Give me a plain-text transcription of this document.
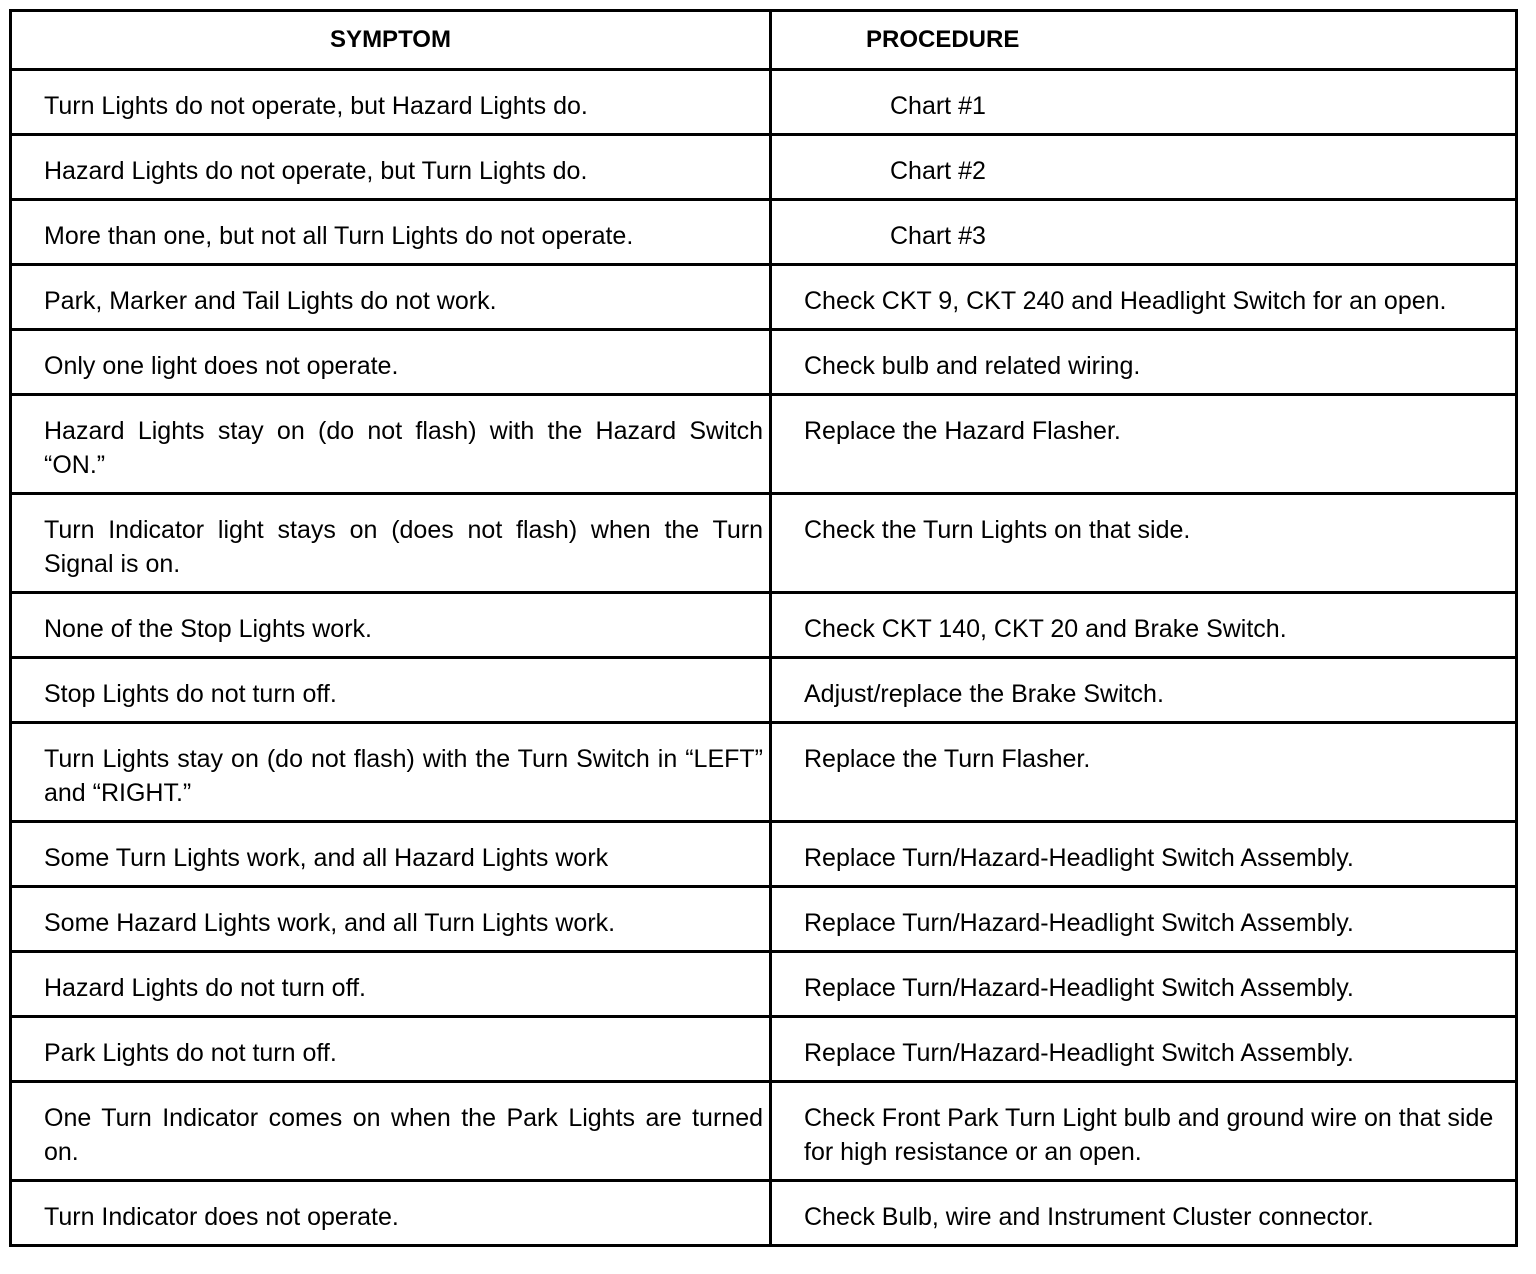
SYMPTOM	PROCEDURE
Turn Lights do not operate, but Hazard Lights do.	Chart #1
Hazard Lights do not operate, but Turn Lights do.	Chart #2
More than one, but not all Turn Lights do not operate.	Chart #3
Park, Marker and Tail Lights do not work.	Check CKT 9, CKT 240 and Headlight Switch for an open.
Only one light does not operate.	Check bulb and related wiring.
Hazard Lights stay on (do not flash) with the Hazard Switch “ON.”	Replace the Hazard Flasher.
Turn Indicator light stays on (does not flash) when the Turn Signal is on.	Check the Turn Lights on that side.
None of the Stop Lights work.	Check CKT 140, CKT 20 and Brake Switch.
Stop Lights do not turn off.	Adjust/replace the Brake Switch.
Turn Lights stay on (do not flash) with the Turn Switch in “LEFT” and “RIGHT.”	Replace the Turn Flasher.
Some Turn Lights work, and all Hazard Lights work	Replace Turn/Hazard-Headlight Switch Assembly.
Some Hazard Lights work, and all Turn Lights work.	Replace Turn/Hazard-Headlight Switch Assembly.
Hazard Lights do not turn off.	Replace Turn/Hazard-Headlight Switch Assembly.
Park Lights do not turn off.	Replace Turn/Hazard-Headlight Switch Assembly.
One Turn Indicator comes on when the Park Lights are turned on.	Check Front Park Turn Light bulb and ground wire on that side for high resistance or an open.
Turn Indicator does not operate.	Check Bulb, wire and Instrument Cluster connector.
